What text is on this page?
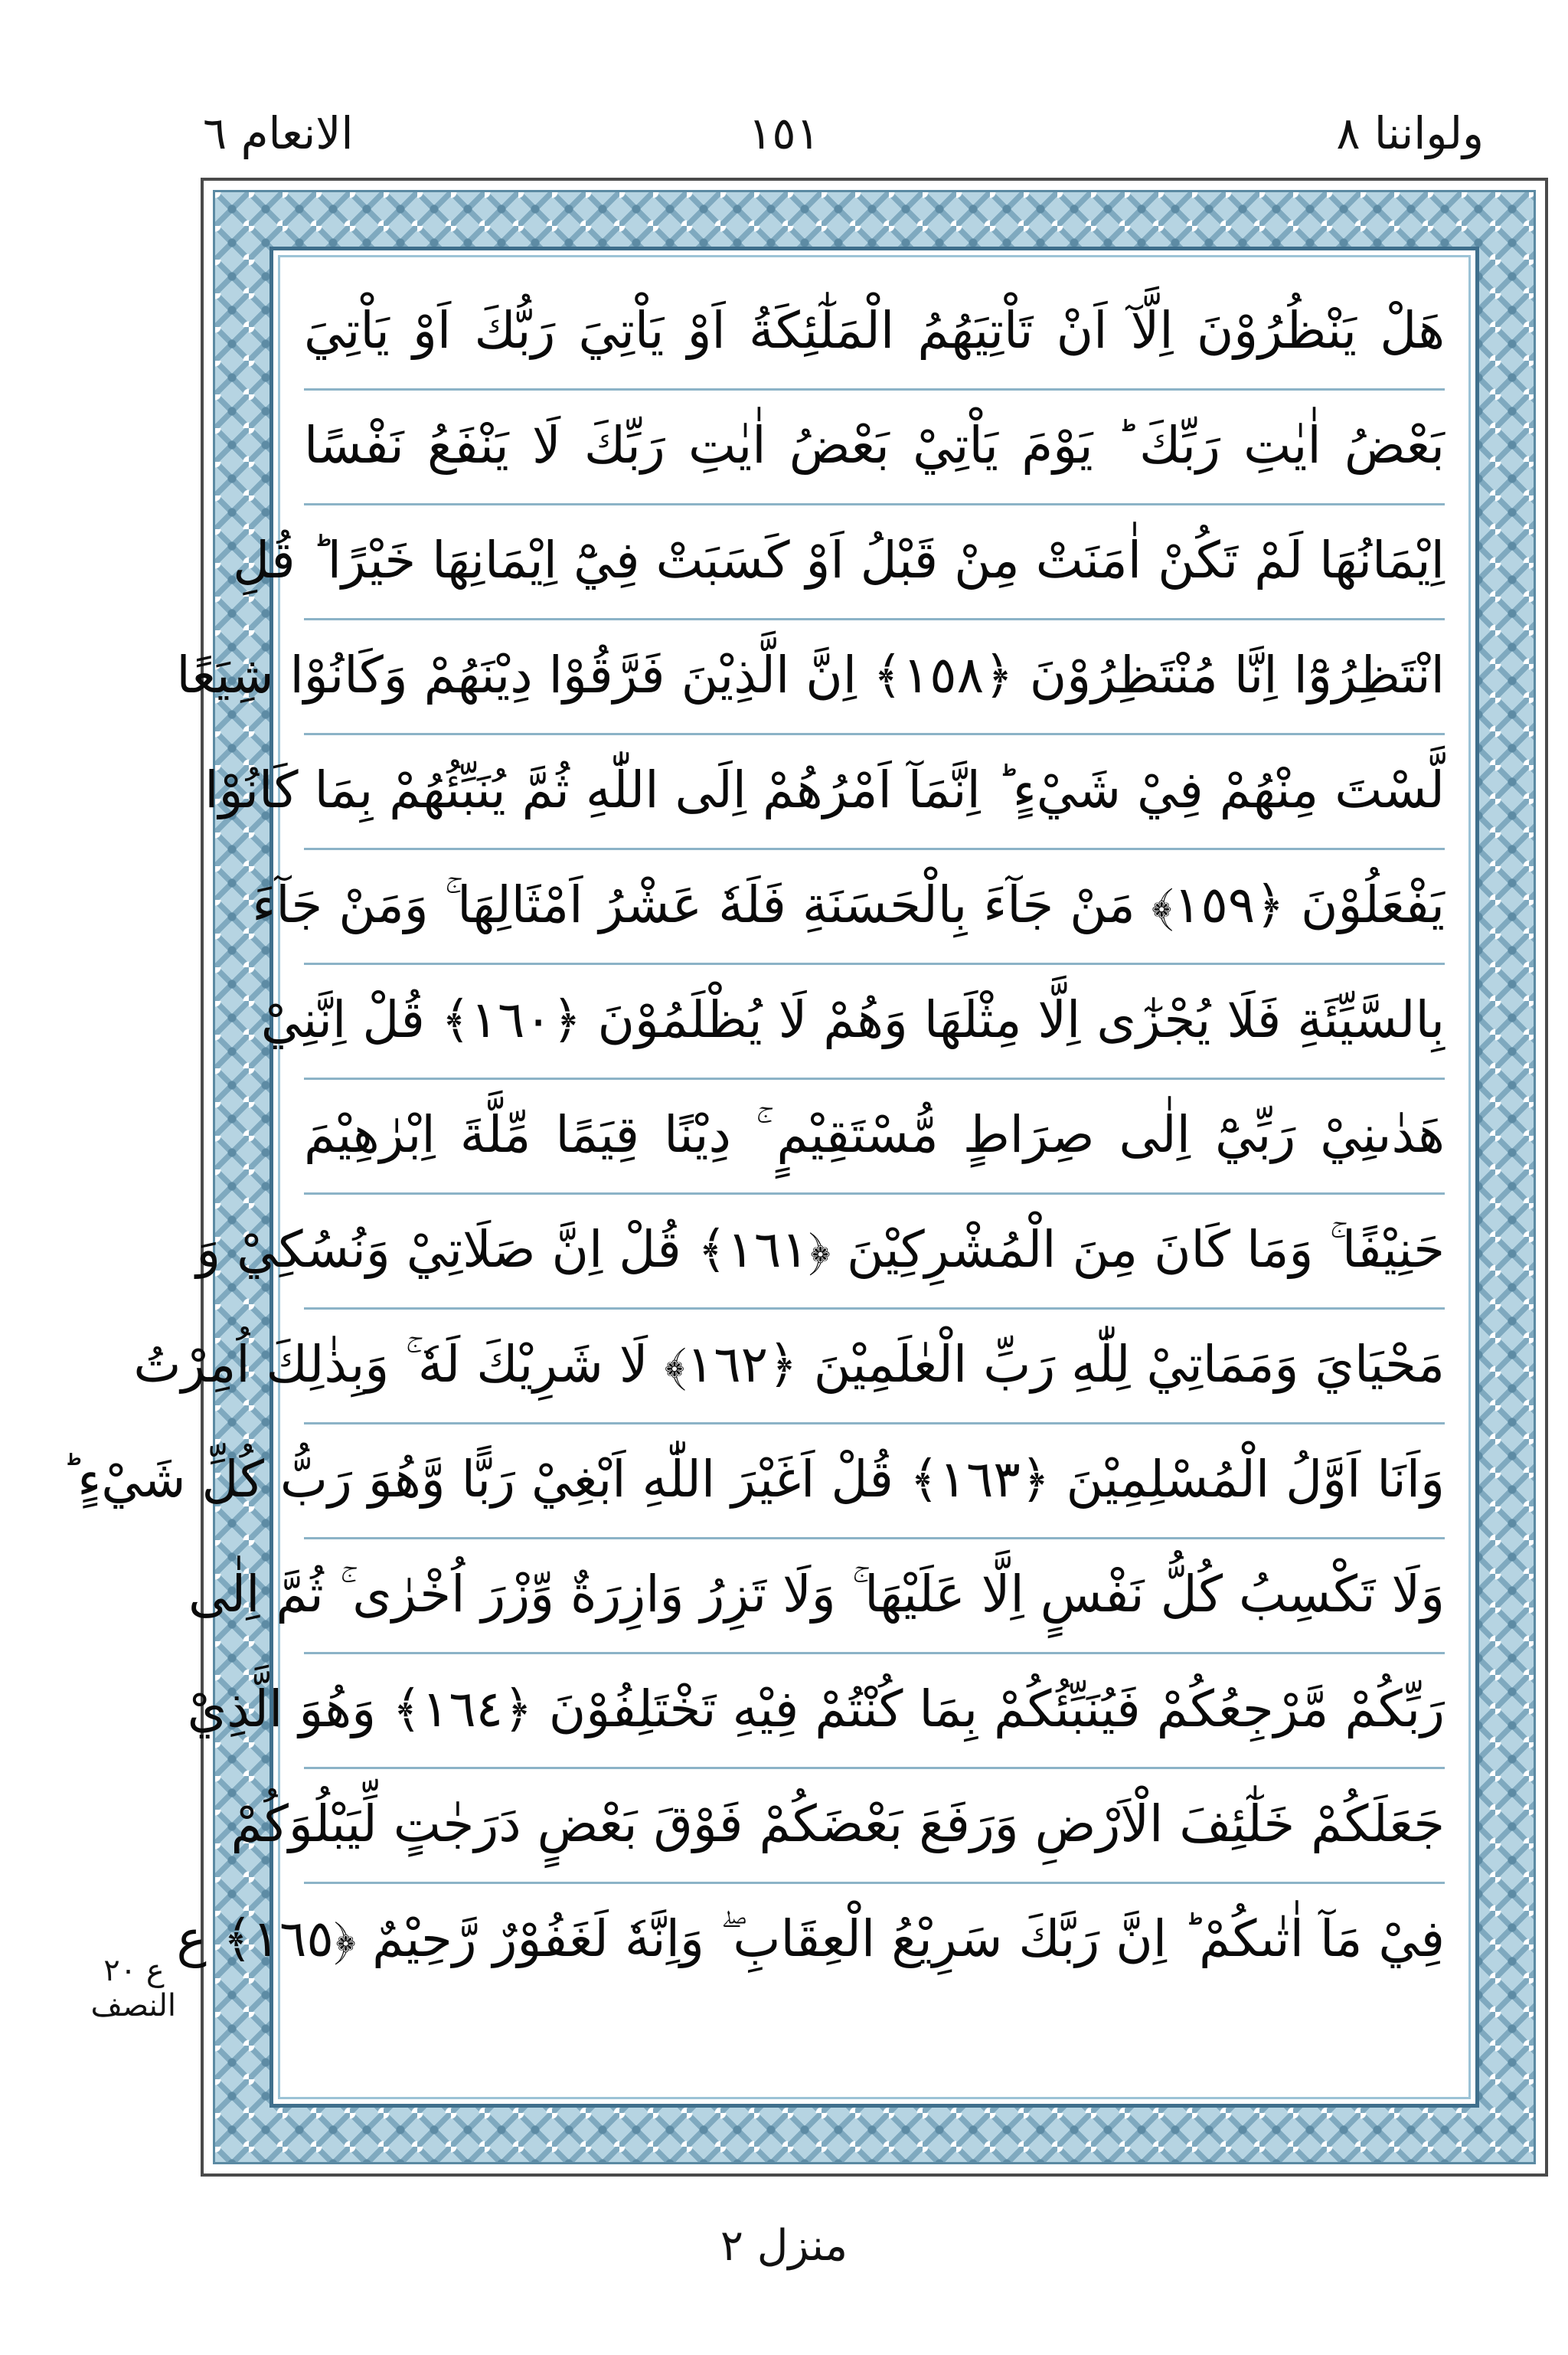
ولواننا ٨
١٥١
الانعام ٦
هَلْ يَنْظُرُوْنَ اِلَّآ اَنْ تَاْتِيَهُمُ الْمَلٰٓئِكَةُ اَوْ يَاْتِيَ رَبُّكَ اَوْ يَاْتِيَ
بَعْضُ اٰيٰتِ رَبِّكَ ؕ يَوْمَ يَاْتِيْ بَعْضُ اٰيٰتِ رَبِّكَ لَا يَنْفَعُ نَفْسًا
اِيْمَانُهَا لَمْ تَكُنْ اٰمَنَتْ مِنْ قَبْلُ اَوْ كَسَبَتْ فِيْٓ اِيْمَانِهَا خَيْرًا ؕ قُلِ
انْتَظِرُوْٓا اِنَّا مُنْتَظِرُوْنَ ﴿١٥٨﴾ اِنَّ الَّذِيْنَ فَرَّقُوْا دِيْنَهُمْ وَكَانُوْا شِيَعًا
لَّسْتَ مِنْهُمْ فِيْ شَيْءٍ ؕ اِنَّمَآ اَمْرُهُمْ اِلَى اللّٰهِ ثُمَّ يُنَبِّئُهُمْ بِمَا كَانُوْا
يَفْعَلُوْنَ ﴿١٥٩﴾ مَنْ جَآءَ بِالْحَسَنَةِ فَلَهٗ عَشْرُ اَمْثَالِهَا ۚ وَمَنْ جَآءَ
بِالسَّيِّئَةِ فَلَا يُجْزٰٓى اِلَّا مِثْلَهَا وَهُمْ لَا يُظْلَمُوْنَ ﴿١٦٠﴾ قُلْ اِنَّنِيْ
هَدٰىنِيْ رَبِّيْٓ اِلٰى صِرَاطٍ مُّسْتَقِيْمٍ ۚ دِيْنًا قِيَمًا مِّلَّةَ اِبْرٰهِيْمَ
حَنِيْفًا ۚ وَمَا كَانَ مِنَ الْمُشْرِكِيْنَ ﴿١٦١﴾ قُلْ اِنَّ صَلَاتِيْ وَنُسُكِيْ وَ
مَحْيَايَ وَمَمَاتِيْ لِلّٰهِ رَبِّ الْعٰلَمِيْنَ ﴿١٦٢﴾ لَا شَرِيْكَ لَهٗ ۚ وَبِذٰلِكَ اُمِرْتُ
وَاَنَا اَوَّلُ الْمُسْلِمِيْنَ ﴿١٦٣﴾ قُلْ اَغَيْرَ اللّٰهِ اَبْغِيْ رَبًّا وَّهُوَ رَبُّ كُلِّ شَيْءٍ ؕ
وَلَا تَكْسِبُ كُلُّ نَفْسٍ اِلَّا عَلَيْهَا ۚ وَلَا تَزِرُ وَازِرَةٌ وِّزْرَ اُخْرٰى ۚ ثُمَّ اِلٰى
رَبِّكُمْ مَّرْجِعُكُمْ فَيُنَبِّئُكُمْ بِمَا كُنْتُمْ فِيْهِ تَخْتَلِفُوْنَ ﴿١٦٤﴾ وَهُوَ الَّذِيْ
جَعَلَكُمْ خَلٰٓئِفَ الْاَرْضِ وَرَفَعَ بَعْضَكُمْ فَوْقَ بَعْضٍ دَرَجٰتٍ لِّيَبْلُوَكُمْ
فِيْ مَآ اٰتٰىكُمْ ؕ اِنَّ رَبَّكَ سَرِيْعُ الْعِقَابِ ۖ وَاِنَّهٗ لَغَفُوْرٌ رَّحِيْمٌ ﴿١٦٥﴾ ع
ع ٢٠
النصف
منزل ٢
